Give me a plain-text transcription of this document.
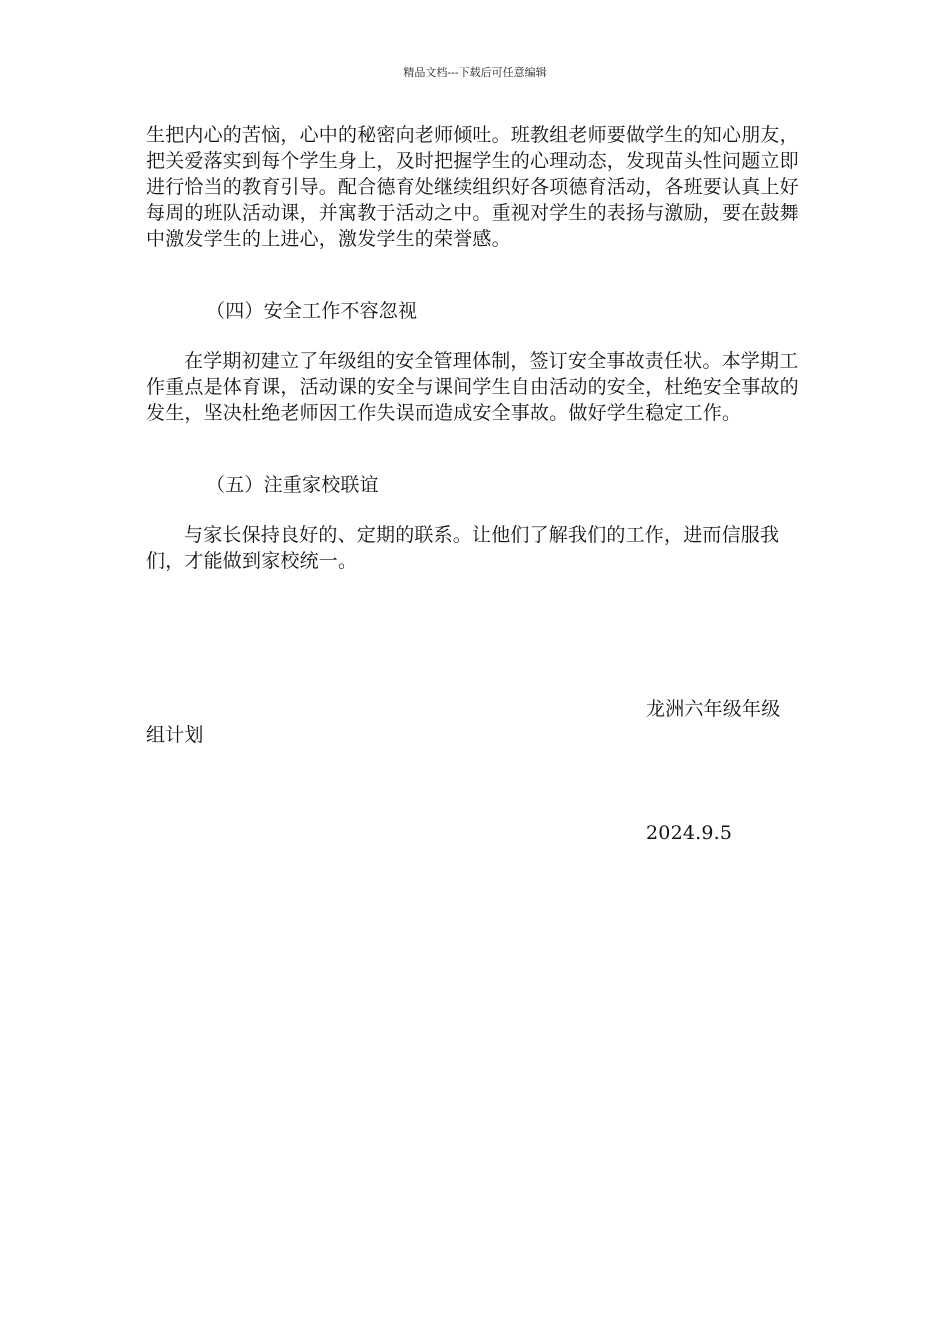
精品文档---下载后可任意编辑

生把内心的苦恼，心中的秘密向老师倾吐。班教组老师要做学生的知心朋友，把关爱落实到每个学生身上，及时把握学生的心理动态，发现苗头性问题立即进行恰当的教育引导。配合德育处继续组织好各项德育活动，各班要认真上好每周的班队活动课，并寓教于活动之中。重视对学生的表扬与激励，要在鼓舞中激发学生的上进心，激发学生的荣誉感。

（四）安全工作不容忽视

在学期初建立了年级组的安全管理体制，签订安全事故责任状。本学期工作重点是体育课，活动课的安全与课间学生自由活动的安全，杜绝安全事故的发生，坚决杜绝老师因工作失误而造成安全事故。做好学生稳定工作。

（五）注重家校联谊

与家长保持良好的、定期的联系。让他们了解我们的工作，进而信服我们，才能做到家校统一。

龙洲六年级年级

组计划

2024.9.5
